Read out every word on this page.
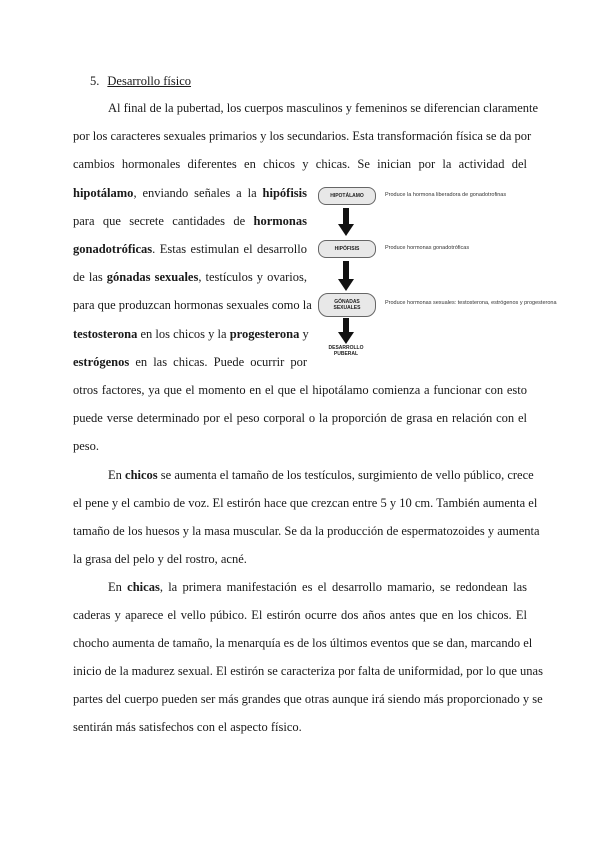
5. Desarrollo físico
Al final de la pubertad, los cuerpos masculinos y femeninos se diferencian claramente
por los caracteres sexuales primarios y los secundarios. Esta transformación física se da por
cambios hormonales diferentes en chicos y chicas. Se inician por la actividad del
hipotálamo, enviando señales a la hipófisis
para que secrete cantidades de hormonas
gonadotróficas. Estas estimulan el desarrollo
de las gónadas sexuales, testículos y ovarios,
para que produzcan hormonas sexuales como la
testosterona en los chicos y la progesterona y
estrógenos en las chicas. Puede ocurrir por
otros factores, ya que el momento en el que el hipotálamo comienza a funcionar con esto
puede verse determinado por el peso corporal o la proporción de grasa en relación con el
peso.
HIPOTÁLAMO	Produce la hormona liberadora de gonadotrofinas
HIPÓFISIS	Produce hormonas gonadotróficas
GÓNADAS
SEXUALES
Produce hormonas sexuales: testosterona, estrógenos y progesterona
DESARROLLO
PUBERAL
En chicos se aumenta el tamaño de los testículos, surgimiento de vello público, crece
el pene y el cambio de voz. El estirón hace que crezcan entre 5 y 10 cm. También aumenta el
tamaño de los huesos y la masa muscular. Se da la producción de espermatozoides y aumenta
la grasa del pelo y del rostro, acné.
En chicas, la primera manifestación es el desarrollo mamario, se redondean las
caderas y aparece el vello púbico. El estirón ocurre dos años antes que en los chicos. El
chocho aumenta de tamaño, la menarquía es de los últimos eventos que se dan, marcando el
inicio de la madurez sexual. El estirón se caracteriza por falta de uniformidad, por lo que unas
partes del cuerpo pueden ser más grandes que otras aunque irá siendo más proporcionado y se
sentirán más satisfechos con el aspecto físico.
